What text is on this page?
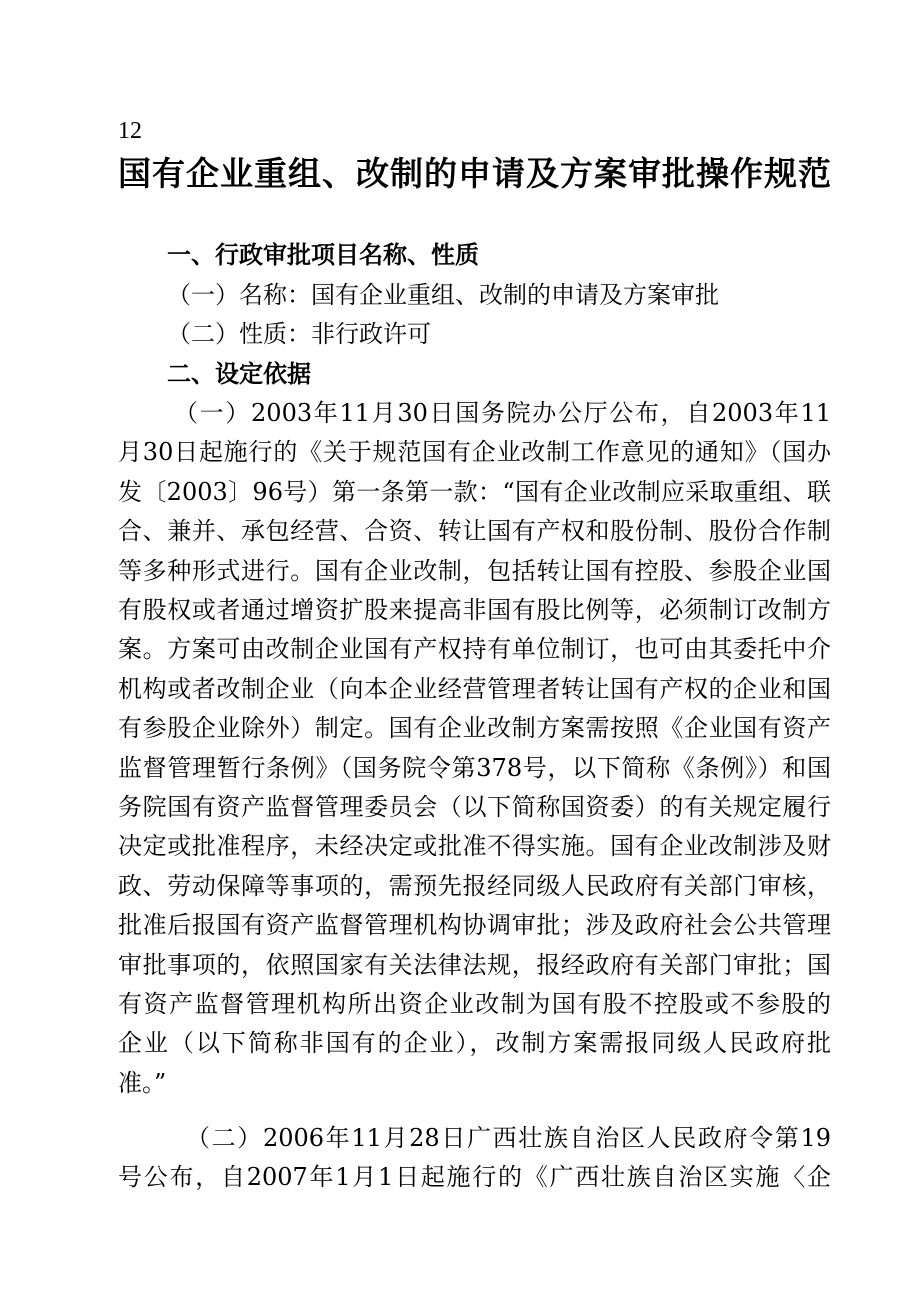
12
国有企业重组、改制的申请及方案审批操作规范
一、行政审批项目名称、性质
（一）名称：国有企业重组、改制的申请及方案审批
（二）性质：非行政许可
二、设定依据
（一）2003年11月30日国务院办公厅公布，自2003年11
月30日起施行的《关于规范国有企业改制工作意见的通知》（国办
发〔2003〕96号）第一条第一款：“国有企业改制应采取重组、联
合、兼并、承包经营、合资、转让国有产权和股份制、股份合作制
等多种形式进行。国有企业改制，包括转让国有控股、参股企业国
有股权或者通过增资扩股来提高非国有股比例等，必须制订改制方
案。方案可由改制企业国有产权持有单位制订，也可由其委托中介
机构或者改制企业（向本企业经营管理者转让国有产权的企业和国
有参股企业除外）制定。国有企业改制方案需按照《企业国有资产
监督管理暂行条例》（国务院令第378号，以下简称《条例》）和国
务院国有资产监督管理委员会（以下简称国资委）的有关规定履行
决定或批准程序，未经决定或批准不得实施。国有企业改制涉及财
政、劳动保障等事项的，需预先报经同级人民政府有关部门审核，
批准后报国有资产监督管理机构协调审批；涉及政府社会公共管理
审批事项的，依照国家有关法律法规，报经政府有关部门审批；国
有资产监督管理机构所出资企业改制为国有股不控股或不参股的
企业（以下简称非国有的企业），改制方案需报同级人民政府批
准。”
（二）2006年11月28日广西壮族自治区人民政府令第19
号公布，自2007年1月1日起施行的《广西壮族自治区实施〈企
